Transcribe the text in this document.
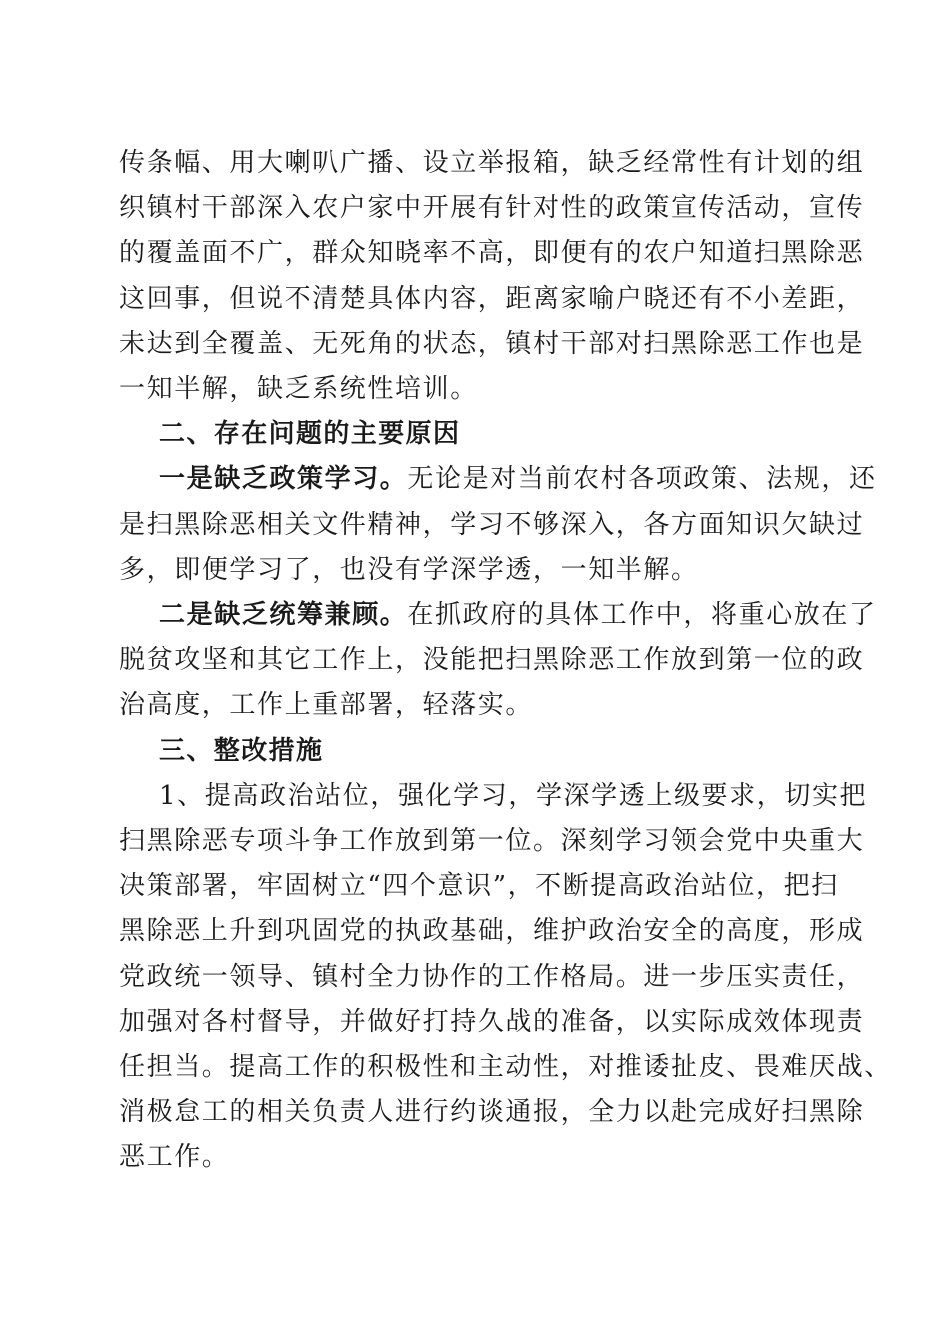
传条幅、用大喇叭广播、设立举报箱，缺乏经常性有计划的组
织镇村干部深入农户家中开展有针对性的政策宣传活动，宣传
的覆盖面不广，群众知晓率不高，即便有的农户知道扫黑除恶
这回事，但说不清楚具体内容，距离家喻户晓还有不小差距，
未达到全覆盖、无死角的状态，镇村干部对扫黑除恶工作也是
一知半解，缺乏系统性培训。
二、存在问题的主要原因
一是缺乏政策学习。无论是对当前农村各项政策、法规，还
是扫黑除恶相关文件精神，学习不够深入，各方面知识欠缺过
多，即便学习了，也没有学深学透，一知半解。
二是缺乏统筹兼顾。在抓政府的具体工作中，将重心放在了
脱贫攻坚和其它工作上，没能把扫黑除恶工作放到第一位的政
治高度，工作上重部署，轻落实。
三、整改措施
1、提高政治站位，强化学习，学深学透上级要求，切实把
扫黑除恶专项斗争工作放到第一位。深刻学习领会党中央重大
决策部署，牢固树立“四个意识”，不断提高政治站位，把扫
黑除恶上升到巩固党的执政基础，维护政治安全的高度，形成
党政统一领导、镇村全力协作的工作格局。进一步压实责任，
加强对各村督导，并做好打持久战的准备，以实际成效体现责
任担当。提高工作的积极性和主动性，对推诿扯皮、畏难厌战、
消极怠工的相关负责人进行约谈通报，全力以赴完成好扫黑除
恶工作。
